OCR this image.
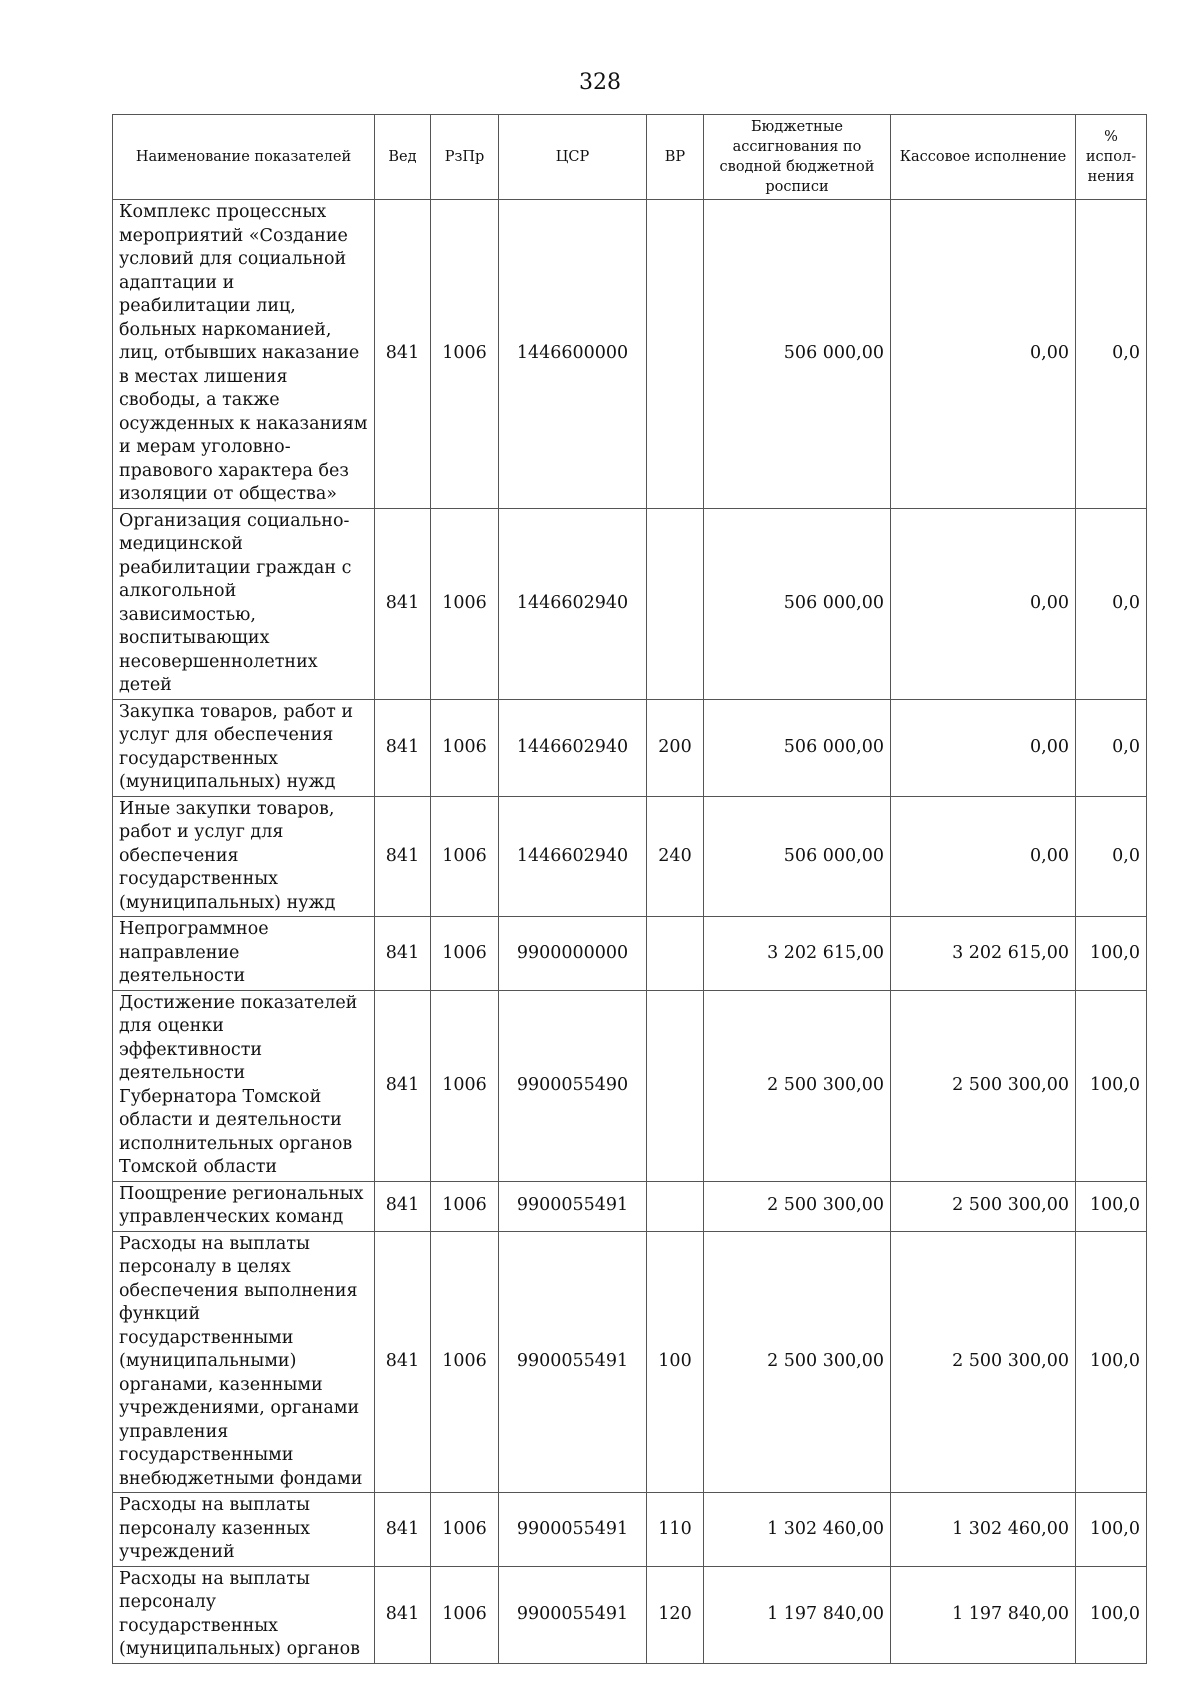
328
Наименование показателей	Вед	РзПр	ЦСР	ВР	Бюджетные ассигнования по сводной бюджетной росписи	Кассовое исполнение	% испол-нения
Комплекс процессных мероприятий «Создание условий для социальной адаптации и реабилитации лиц, больных наркоманией, лиц, отбывших наказание в местах лишения свободы, а также осужденных к наказаниям и мерам уголовно-правового характера без изоляции от общества»	841	1006	1446600000		506 000,00	0,00	0,0
Организация социально-медицинской реабилитации граждан с алкогольной зависимостью, воспитывающих несовершеннолетних детей	841	1006	1446602940		506 000,00	0,00	0,0
Закупка товаров, работ и услуг для обеспечения государственных (муниципальных) нужд	841	1006	1446602940	200	506 000,00	0,00	0,0
Иные закупки товаров, работ и услуг для обеспечения государственных (муниципальных) нужд	841	1006	1446602940	240	506 000,00	0,00	0,0
Непрограммное направление деятельности	841	1006	9900000000		3 202 615,00	3 202 615,00	100,0
Достижение показателей для оценки эффективности деятельности Губернатора Томской области и деятельности исполнительных органов Томской области	841	1006	9900055490		2 500 300,00	2 500 300,00	100,0
Поощрение региональных управленческих команд	841	1006	9900055491		2 500 300,00	2 500 300,00	100,0
Расходы на выплаты персоналу в целях обеспечения выполнения функций государственными (муниципальными) органами, казенными учреждениями, органами управления государственными внебюджетными фондами	841	1006	9900055491	100	2 500 300,00	2 500 300,00	100,0
Расходы на выплаты персоналу казенных учреждений	841	1006	9900055491	110	1 302 460,00	1 302 460,00	100,0
Расходы на выплаты персоналу государственных (муниципальных) органов	841	1006	9900055491	120	1 197 840,00	1 197 840,00	100,0
